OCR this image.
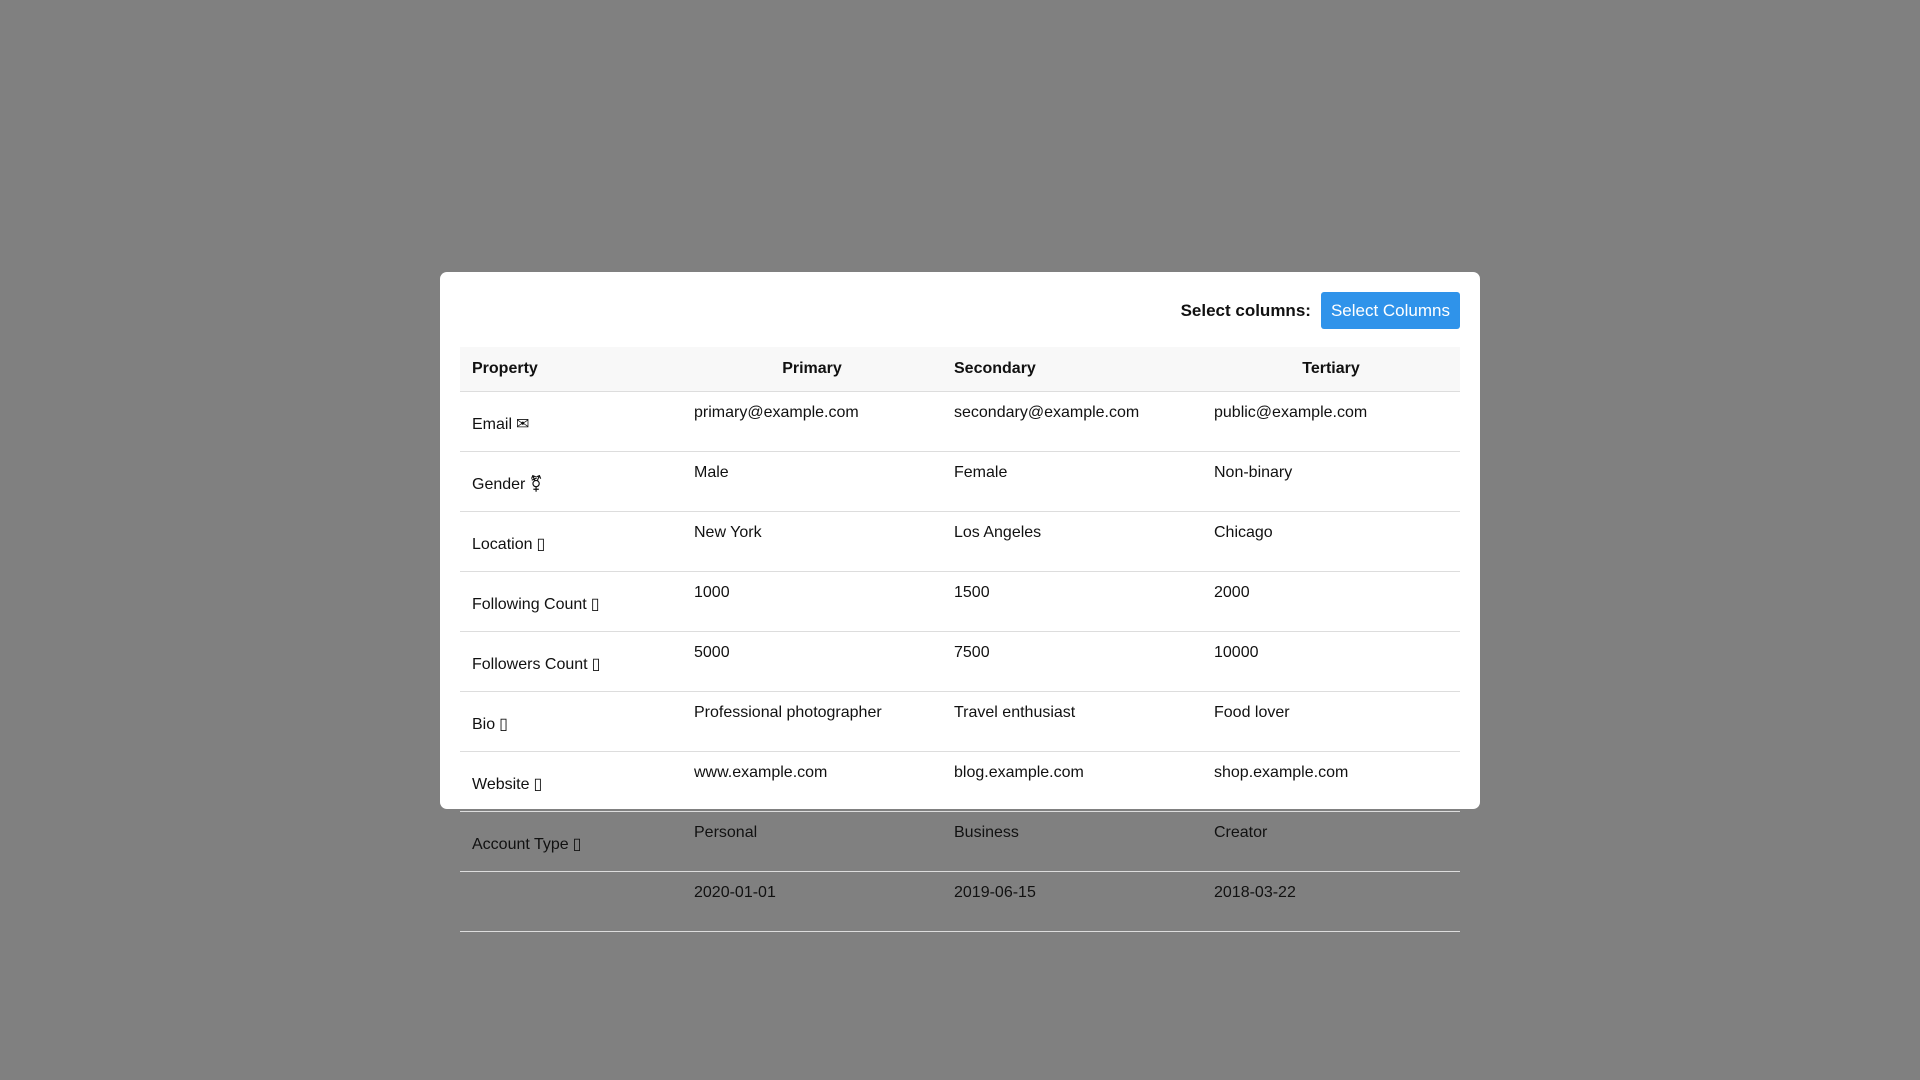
Select columns:	Select Columns
Property	Primary	Secondary	Tertiary
Email ✉	primary@example.com	secondary@example.com	public@example.com
Gender ⚧	Male	Female	Non-binary
Location ▯	New York	Los Angeles	Chicago
Following Count ▯	1000	1500	2000
Followers Count ▯	5000	7500	10000
Bio ▯	Professional photographer	Travel enthusiast	Food lover
Website ▯	www.example.com	blog.example.com	shop.example.com
Account Type ▯	Personal	Business	Creator
	2020-01-01	2019-06-15	2018-03-22
